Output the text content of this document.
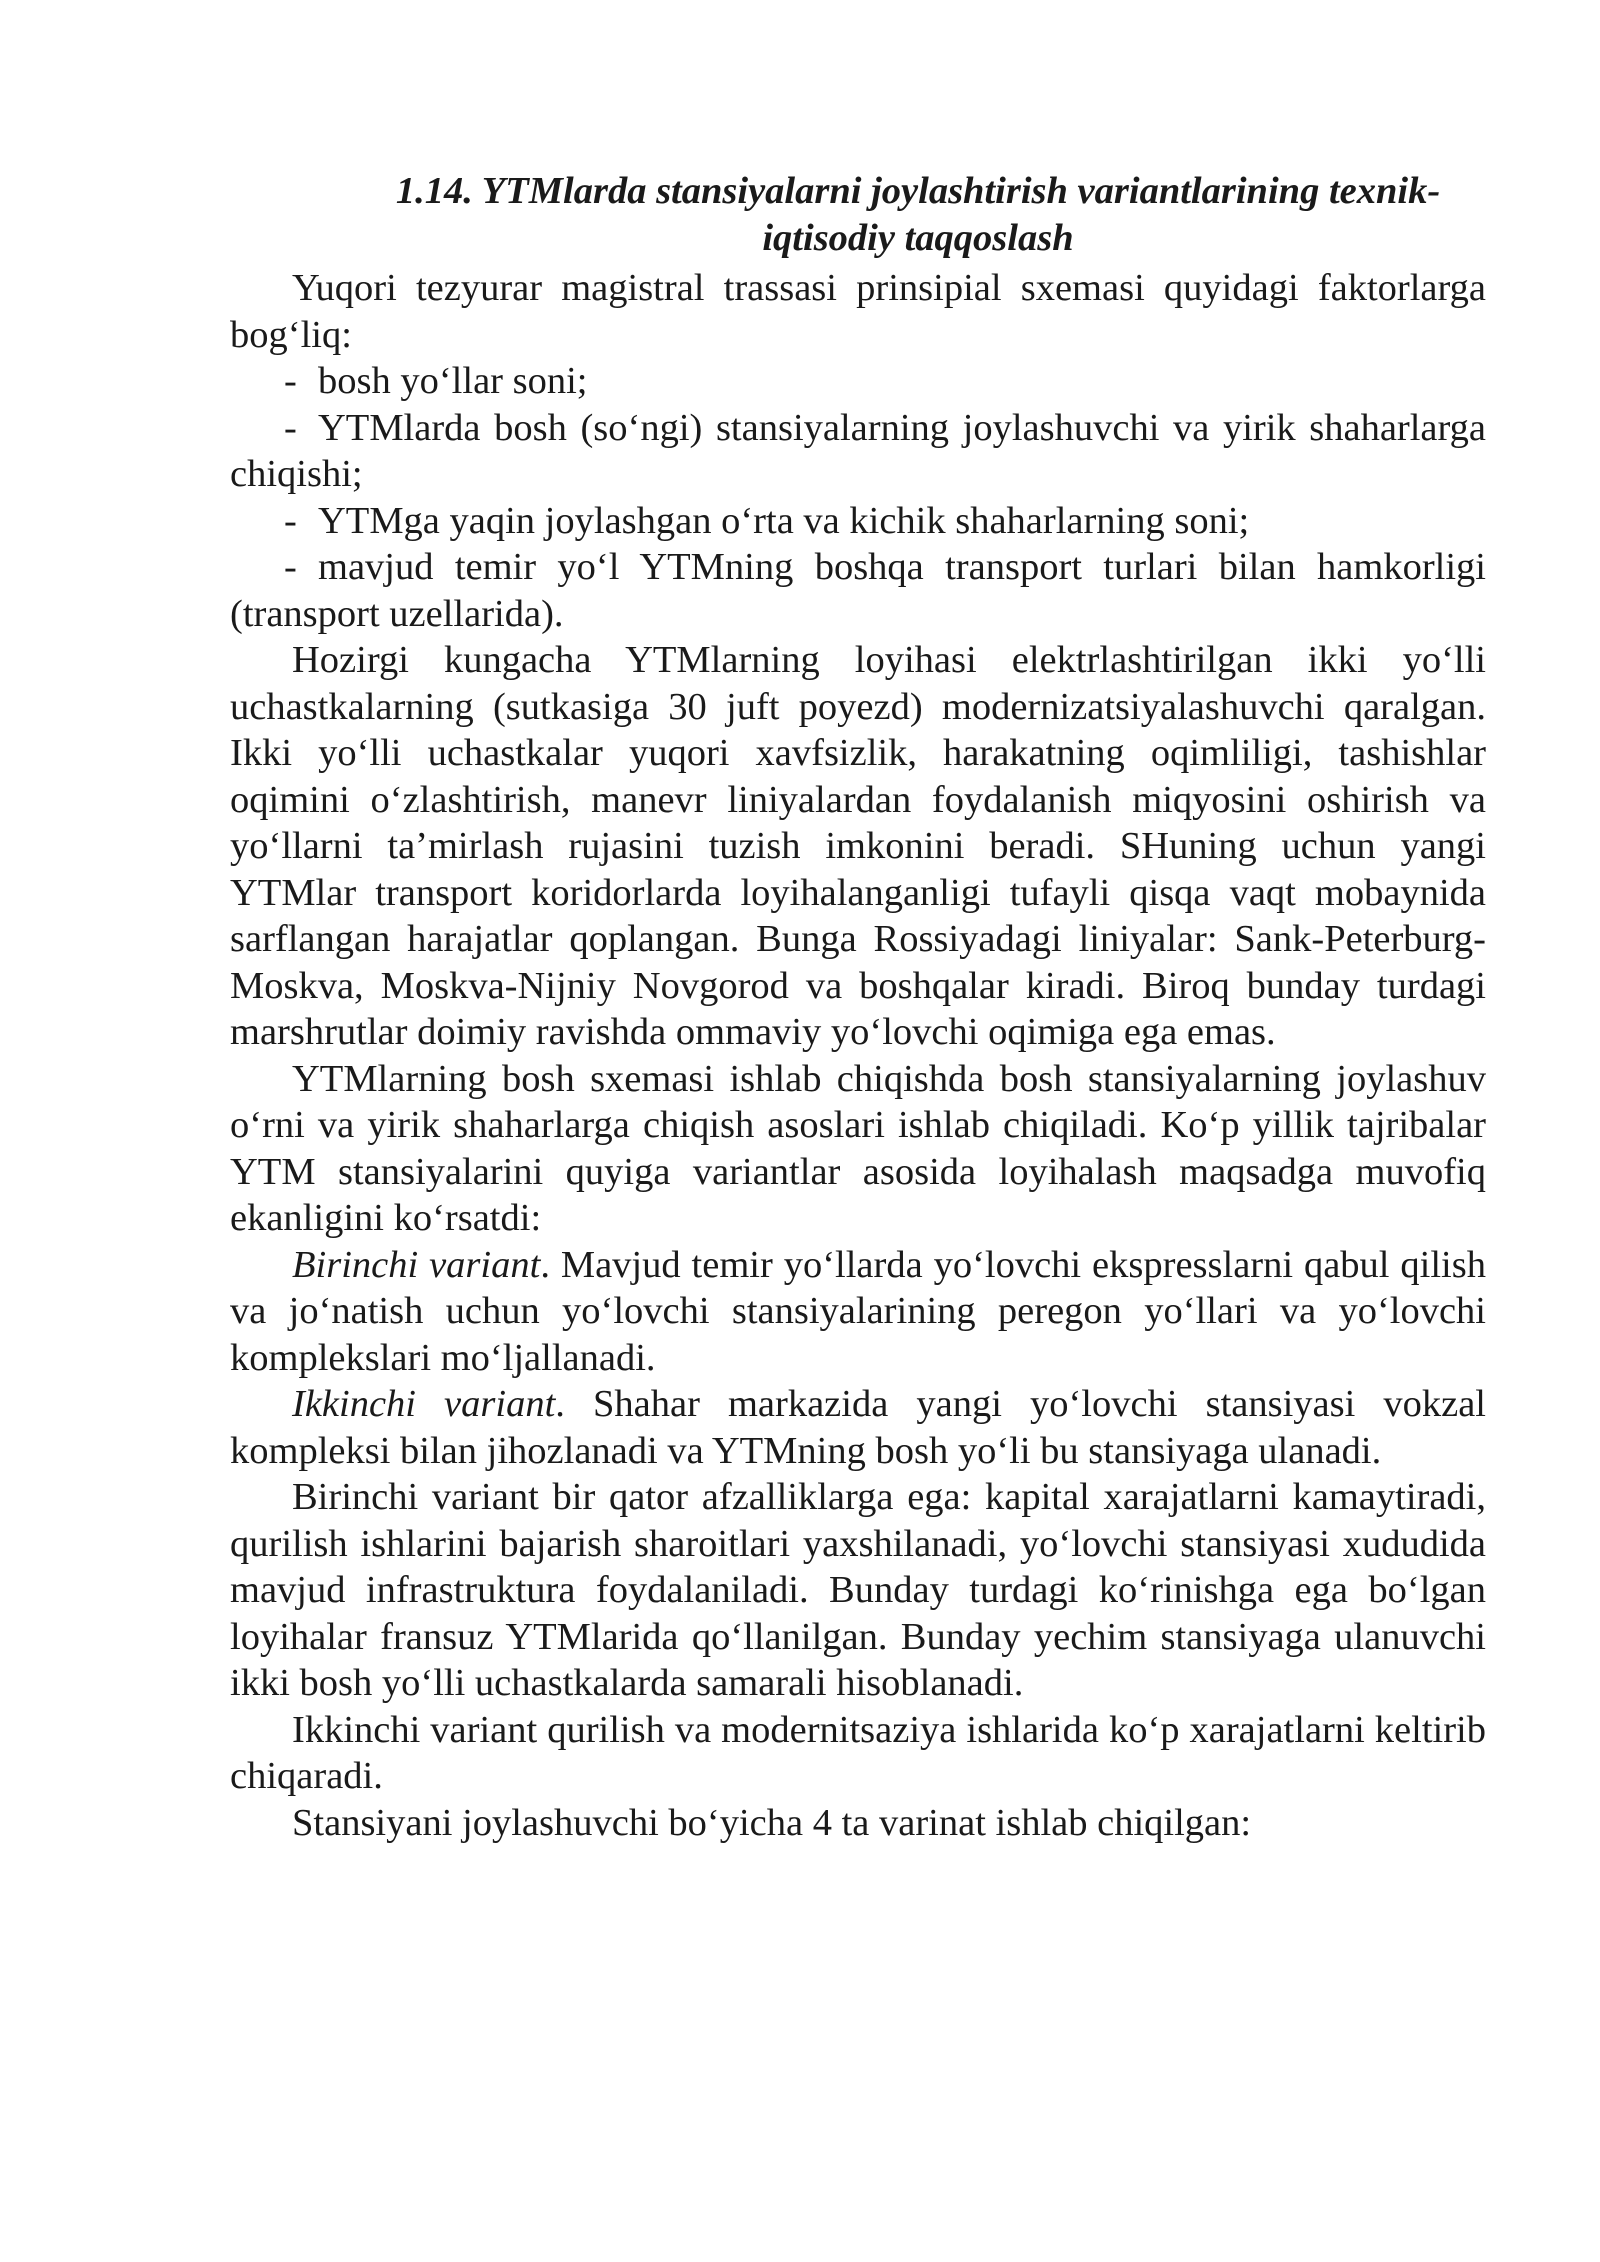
1.14. YTMlarda stansiyalarni joylashtirish variantlarining texnik-
iqtisodiy taqqoslash

Yuqori tezyurar magistral trassasi prinsipial sxemasi quyidagi faktorlarga bog‘liq:

- bosh yo‘llar soni;
- YTMlarda bosh (so‘ngi) stansiyalarning joylashuvchi va yirik shaharlarga chiqishi;
- YTMga yaqin joylashgan o‘rta va kichik shaharlarning soni;
- mavjud temir yo‘l YTMning boshqa transport turlari bilan hamkorligi (transport uzellarida).

Hozirgi kungacha YTMlarning loyihasi elektrlashtirilgan ikki yo‘lli uchastkalarning (sutkasiga 30 juft poyezd) modernizatsiyalashuvchi qaralgan. Ikki yo‘lli uchastkalar yuqori xavfsizlik, harakatning oqimliligi, tashishlar oqimini o‘zlashtirish, manevr liniyalardan foydalanish miqyosini oshirish va yo‘llarni ta’mirlash rujasini tuzish imkonini beradi. SHuning uchun yangi YTMlar transport koridorlarda loyihalanganligi tufayli qisqa vaqt mobaynida sarflangan harajatlar qoplangan. Bunga Rossiyadagi liniyalar: Sank-Peterburg-Moskva, Moskva-Nijniy Novgorod va boshqalar kiradi. Biroq bunday turdagi marshrutlar doimiy ravishda ommaviy yo‘lovchi oqimiga ega emas.

YTMlarning bosh sxemasi ishlab chiqishda bosh stansiyalarning joylashuv o‘rni va yirik shaharlarga chiqish asoslari ishlab chiqiladi. Ko‘p yillik tajribalar YTM stansiyalarini quyiga variantlar asosida loyihalash maqsadga muvofiq ekanligini ko‘rsatdi:

Birinchi variant. Mavjud temir yo‘llarda yo‘lovchi ekspresslarni qabul qilish va jo‘natish uchun yo‘lovchi stansiyalarining peregon yo‘llari va yo‘lovchi komplekslari mo‘ljallanadi.

Ikkinchi variant. Shahar markazida yangi yo‘lovchi stansiyasi vokzal kompleksi bilan jihozlanadi va YTMning bosh yo‘li bu stansiyaga ulanadi.

Birinchi variant bir qator afzalliklarga ega: kapital xarajatlarni kamaytiradi, qurilish ishlarini bajarish sharoitlari yaxshilanadi, yo‘lovchi stansiyasi xududida mavjud infrastruktura foydalaniladi. Bunday turdagi ko‘rinishga ega bo‘lgan loyihalar fransuz YTMlarida qo‘llanilgan. Bunday yechim stansiyaga ulanuvchi ikki bosh yo‘lli uchastkalarda samarali hisoblanadi.

Ikkinchi variant qurilish va modernitsaziya ishlarida ko‘p xarajatlarni keltirib chiqaradi.

Stansiyani joylashuvchi bo‘yicha 4 ta varinat ishlab chiqilgan:
